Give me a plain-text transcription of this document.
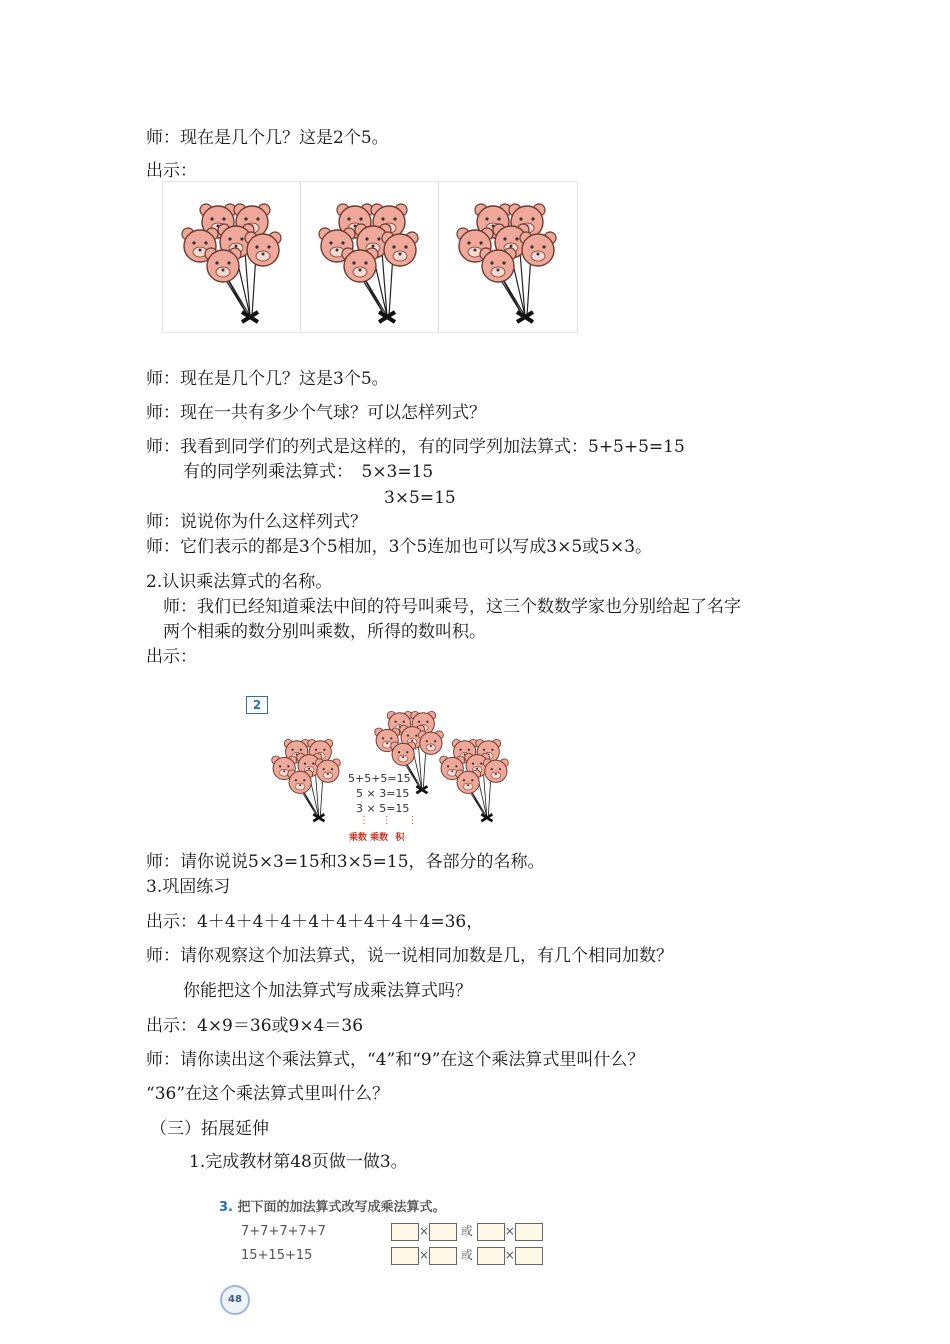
师：现在是几个几？这是2个5。
出示：
师：现在是几个几？这是3个5。
师：现在一共有多少个气球？可以怎样列式？
师：我看到同学们的列式是这样的，有的同学列加法算式：5+5+5=15
有的同学列乘法算式：　5×3=15
3×5=15
师：说说你为什么这样列式？
师：它们表示的都是3个5相加，3个5连加也可以写成3×5或5×3。
2.认识乘法算式的名称。
师：我们已经知道乘法中间的符号叫乘号，这三个数数学家也分别给起了名字
两个相乘的数分别叫乘数，所得的数叫积。
出示：
2
5+5+5=15
5 × 3=15
3 × 5=15
⋮    ⋮     ⋮
乘数 乘数 积
师：请你说说5×3=15和3×5=15，各部分的名称。
3.巩固练习
出示：4＋4＋4＋4＋4＋4＋4＋4＋4=36，
师：请你观察这个加法算式，说一说相同加数是几，有几个相同加数？
你能把这个加法算式写成乘法算式吗？
出示：4×9＝36或9×4＝36
师：请你读出这个乘法算式，“4”和“9”在这个乘法算式里叫什么？
“36”在这个乘法算式里叫什么？
（三）拓展延伸
1.完成教材第48页做一做3。
3. 把下面的加法算式改写成乘法算式。
7+7+7+7+7	×	或	×
15+15+15	×	或	×
48
